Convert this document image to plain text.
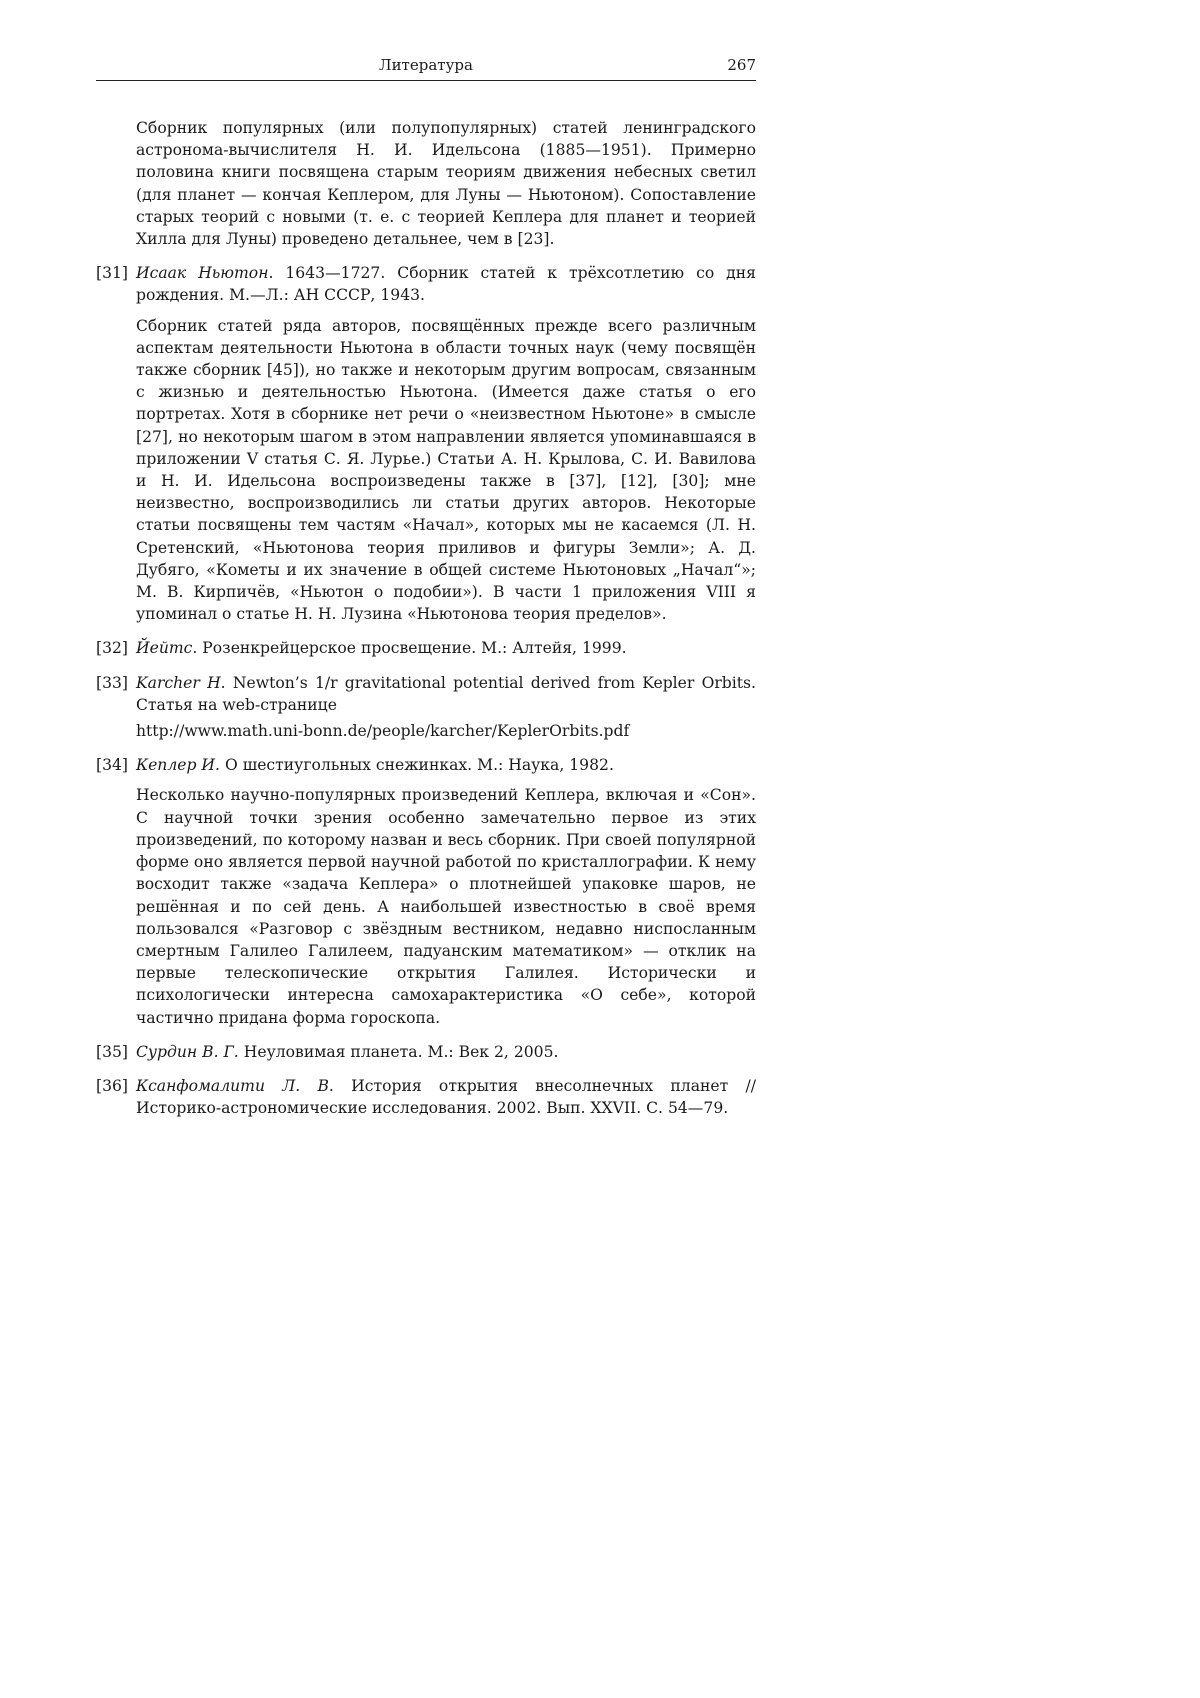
Литература	267
Сборник популярных (или полупопулярных) статей ленинградского астронома-вычислителя Н. И. Идельсона (1885—1951). Примерно половина книги посвящена старым теориям движения небесных светил (для планет — кончая Кеплером, для Луны — Ньютоном). Сопоставление старых теорий с новыми (т. е. с теорией Кеплера для планет и теорией Хилла для Луны) проведено детальнее, чем в [23].
[31] Исаак Ньютон. 1643—1727. Сборник статей к трёхсотлетию со дня рождения. М.—Л.: АН СССР, 1943.
Сборник статей ряда авторов, посвящённых прежде всего различным аспектам деятельности Ньютона в области точных наук (чему посвящён также сборник [45]), но также и некоторым другим вопросам, связанным с жизнью и деятельностью Ньютона. (Имеется даже статья о его портретах. Хотя в сборнике нет речи о «неизвестном Ньютоне» в смысле [27], но некоторым шагом в этом направлении является упоминавшаяся в приложении V статья С. Я. Лурье.) Статьи А. Н. Крылова, С. И. Вавилова и Н. И. Идельсона воспроизведены также в [37], [12], [30]; мне неизвестно, воспроизводились ли статьи других авторов. Некоторые статьи посвящены тем частям «Начал», которых мы не касаемся (Л. Н. Сретенский, «Ньютонова теория приливов и фигуры Земли»; А. Д. Дубяго, «Кометы и их значение в общей системе Ньютоновых „Начал“»; М. В. Кирпичёв, «Ньютон о подобии»). В части 1 приложения VIII я упоминал о статье Н. Н. Лузина «Ньютонова теория пределов».
[32] Йейтс. Розенкрейцерское просвещение. М.: Алтейя, 1999.
[33] Karcher H. Newton’s 1/r gravitational potential derived from Kepler Orbits. Статья на web-странице
http://www.math.uni-bonn.de/people/karcher/KeplerOrbits.pdf
[34] Кеплер И. О шестиугольных снежинках. М.: Наука, 1982.
Несколько научно-популярных произведений Кеплера, включая и «Сон». С научной точки зрения особенно замечательно первое из этих произведений, по которому назван и весь сборник. При своей популярной форме оно является первой научной работой по кристаллографии. К нему восходит также «задача Кеплера» о плотнейшей упаковке шаров, не решённая и по сей день. А наибольшей известностью в своё время пользовался «Разговор с звёздным вестником, недавно ниспосланным смертным Галилео Галилеем, падуанским математиком» — отклик на первые телескопические открытия Галилея. Исторически и психологически интересна самохарактеристика «О себе», которой частично придана форма гороскопа.
[35] Сурдин В. Г. Неуловимая планета. М.: Век 2, 2005.
[36] Ксанфомалити Л. В. История открытия внесолнечных планет // Историко-астрономические исследования. 2002. Вып. XXVII. С. 54—79.
